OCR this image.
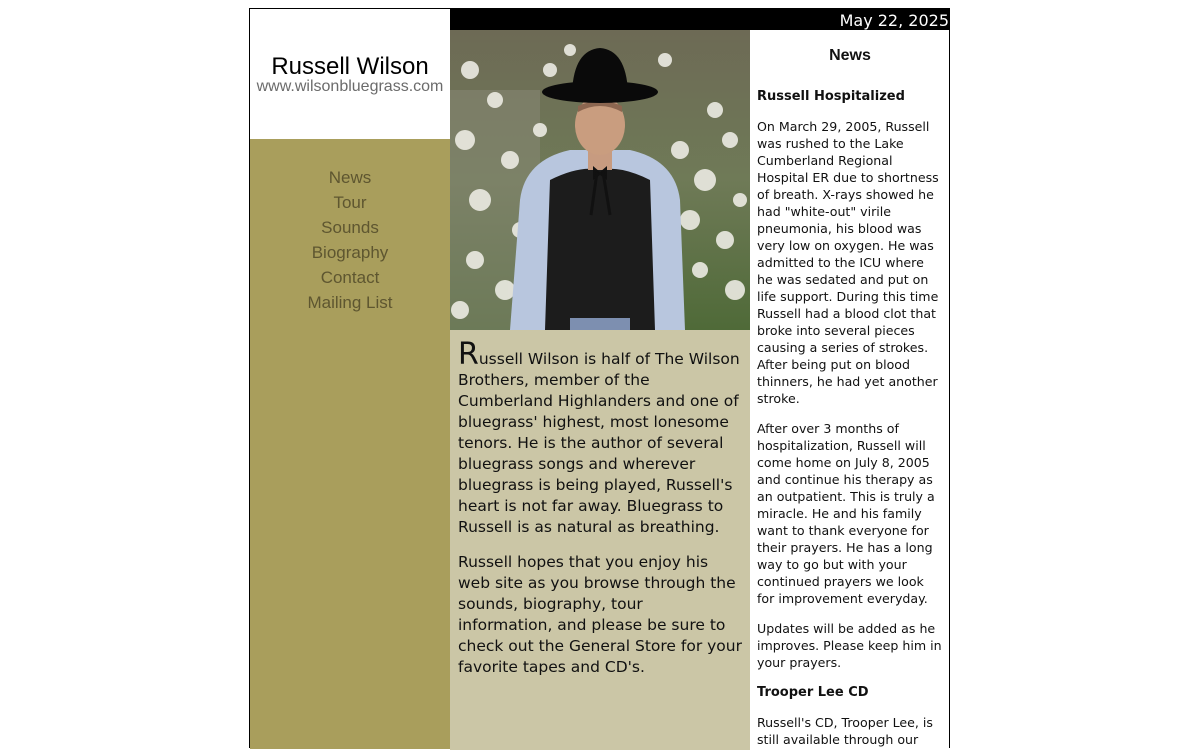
Russell Wilson
www.wilsonbluegrass.com
News
Tour
Sounds
Biography
Contact
Mailing List
May 22, 2025

Russell Wilson is half of The Wilson Brothers, member of the Cumberland Highlanders and one of bluegrass' highest, most lonesome tenors. He is the author of several bluegrass songs and wherever bluegrass is being played, Russell's heart is not far away. Bluegrass to Russell is as natural as breathing.

Russell hopes that you enjoy his web site as you browse through the sounds, biography, tour information, and please be sure to check out the General Store for your favorite tapes and CD's.

News
Russell Hospitalized

On March 29, 2005, Russell was rushed to the Lake Cumberland Regional Hospital ER due to shortness of breath. X-rays showed he had "white-out" virile pneumonia, his blood was very low on oxygen. He was admitted to the ICU where he was sedated and put on life support. During this time Russell had a blood clot that broke into several pieces causing a series of strokes. After being put on blood thinners, he had yet another stroke.

After over 3 months of hospitalization, Russell will come home on July 8, 2005 and continue his therapy as an outpatient. This is truly a miracle. He and his family want to thank everyone for their prayers. He has a long way to go but with your continued prayers we look for improvement everyday.

Updates will be added as he improves. Please keep him in your prayers.

Trooper Lee CD

Russell's CD, Trooper Lee, is still available through our
